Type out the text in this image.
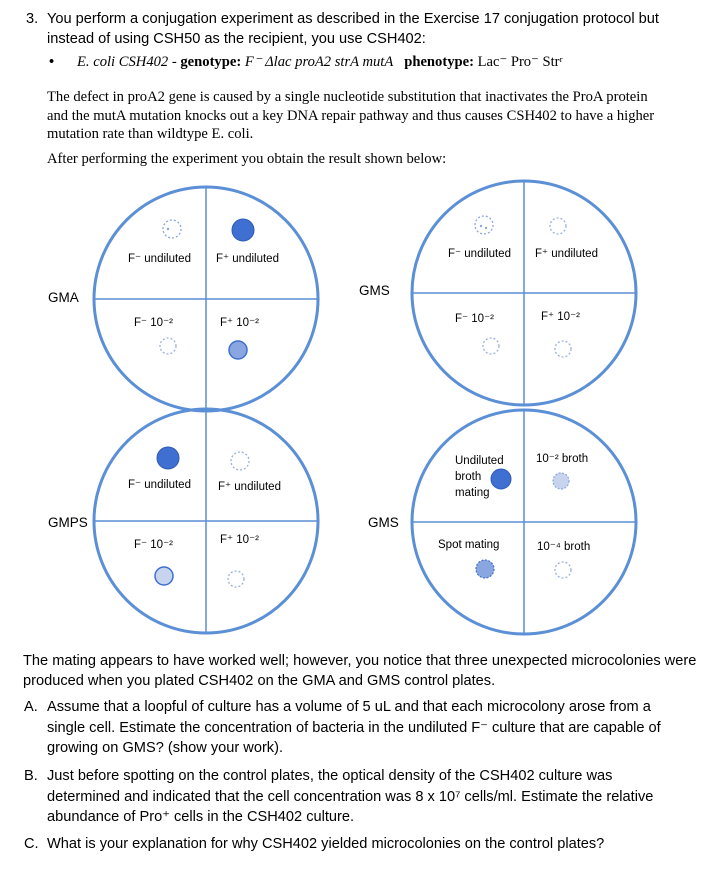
3. You perform a conjugation experiment as described in the Exercise 17 conjugation protocol but instead of using CSH50 as the recipient, you use CSH402:
• E. coli CSH402 - genotype: F⁻ Δlac proA2 strA mutA phenotype: Lac⁻ Pro⁻ Strʳ
The defect in proA2 gene is caused by a single nucleotide substitution that inactivates the ProA protein and the mutA mutation knocks out a key DNA repair pathway and thus causes CSH402 to have a higher mutation rate than wildtype E. coli.
After performing the experiment you obtain the result shown below:
GMA	GMS
GMPS	GMS
F⁻ undiluted F⁺ undiluted
F⁻ 10⁻²	F⁺ 10⁻²
F⁻ undiluted F⁺ undiluted
F⁻ 10⁻²	F⁺ 10⁻²
F⁻ undiluted F⁺ undiluted
F⁻ 10⁻²	F⁺ 10⁻²
Undiluted
broth
mating
10⁻² broth
Spot mating	10⁻⁴ broth
The mating appears to have worked well; however, you notice that three unexpected microcolonies were produced when you plated CSH402 on the GMA and GMS control plates.
A. Assume that a loopful of culture has a volume of 5 uL and that each microcolony arose from a single cell. Estimate the concentration of bacteria in the undiluted F⁻ culture that are capable of growing on GMS? (show your work).
B. Just before spotting on the control plates, the optical density of the CSH402 culture was determined and indicated that the cell concentration was 8 x 10⁷ cells/ml. Estimate the relative abundance of Pro⁺ cells in the CSH402 culture.
C. What is your explanation for why CSH402 yielded microcolonies on the control plates?
